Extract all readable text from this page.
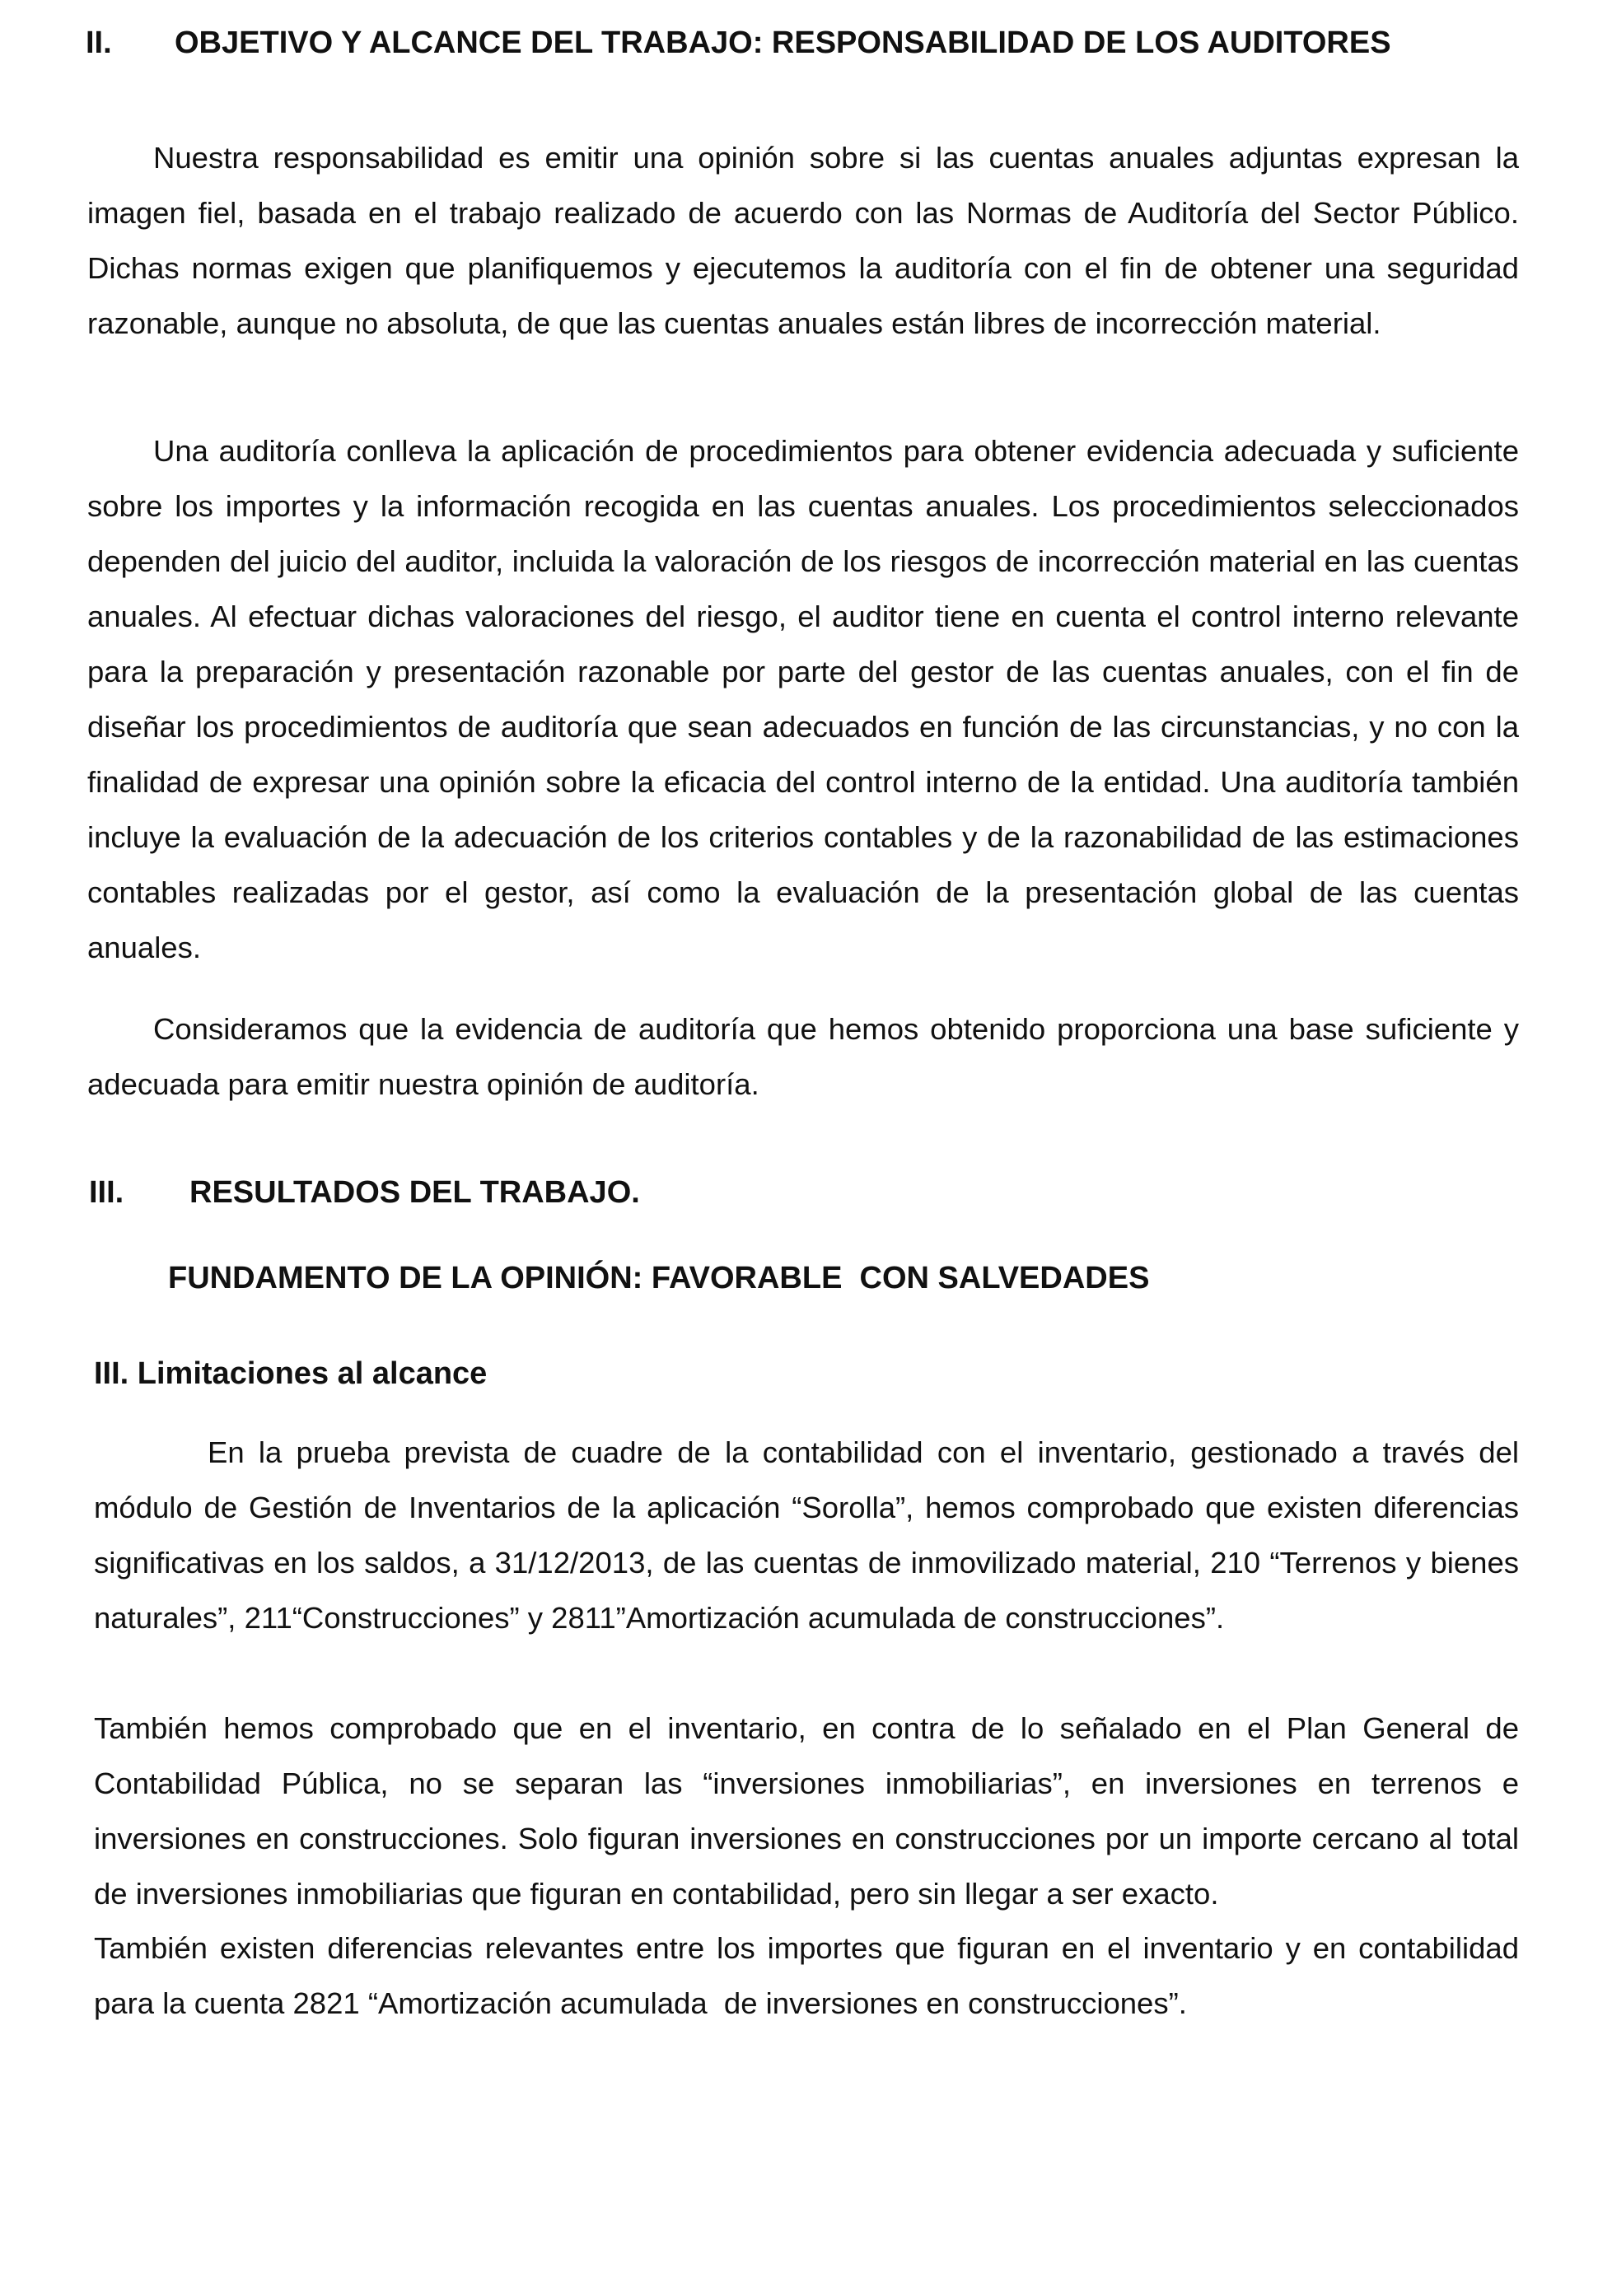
II. OBJETIVO Y ALCANCE DEL TRABAJO: RESPONSABILIDAD DE LOS AUDITORES

Nuestra responsabilidad es emitir una opinión sobre si las cuentas anuales adjuntas expresan la imagen fiel, basada en el trabajo realizado de acuerdo con las Normas de Auditoría del Sector Público. Dichas normas exigen que planifiquemos y ejecutemos la auditoría con el fin de obtener una seguridad razonable, aunque no absoluta, de que las cuentas anuales están libres de incorrección material.

Una auditoría conlleva la aplicación de procedimientos para obtener evidencia adecuada y suficiente sobre los importes y la información recogida en las cuentas anuales. Los procedimientos seleccionados dependen del juicio del auditor, incluida la valoración de los riesgos de incorrección material en las cuentas anuales. Al efectuar dichas valoraciones del riesgo, el auditor tiene en cuenta el control interno relevante para la preparación y presentación razonable por parte del gestor de las cuentas anuales, con el fin de diseñar los procedimientos de auditoría que sean adecuados en función de las circunstancias, y no con la finalidad de expresar una opinión sobre la eficacia del control interno de la entidad. Una auditoría también incluye la evaluación de la adecuación de los criterios contables y de la razonabilidad de las estimaciones contables realizadas por el gestor, así como la evaluación de la presentación global de las cuentas anuales.

Consideramos que la evidencia de auditoría que hemos obtenido proporciona una base suficiente y adecuada para emitir nuestra opinión de auditoría.

III. RESULTADOS DEL TRABAJO.
FUNDAMENTO DE LA OPINIÓN: FAVORABLE  CON SALVEDADES
III. Limitaciones al alcance

En la prueba prevista de cuadre de la contabilidad con el inventario, gestionado a través del módulo de Gestión de Inventarios de la aplicación “Sorolla”, hemos comprobado que existen diferencias significativas en los saldos, a 31/12/2013, de las cuentas de inmovilizado material, 210 “Terrenos y bienes naturales”, 211“Construcciones” y 2811”Amortización acumulada de construcciones”.

También hemos comprobado que en el inventario, en contra de lo señalado en el Plan General de Contabilidad Pública, no se separan las “inversiones inmobiliarias”, en inversiones en terrenos e inversiones en construcciones. Solo figuran inversiones en construcciones por un importe cercano al total de inversiones inmobiliarias que figuran en contabilidad, pero sin llegar a ser exacto.

También existen diferencias relevantes entre los importes que figuran en el inventario y en contabilidad  para la cuenta 2821 “Amortización acumulada  de inversiones en construcciones”.
